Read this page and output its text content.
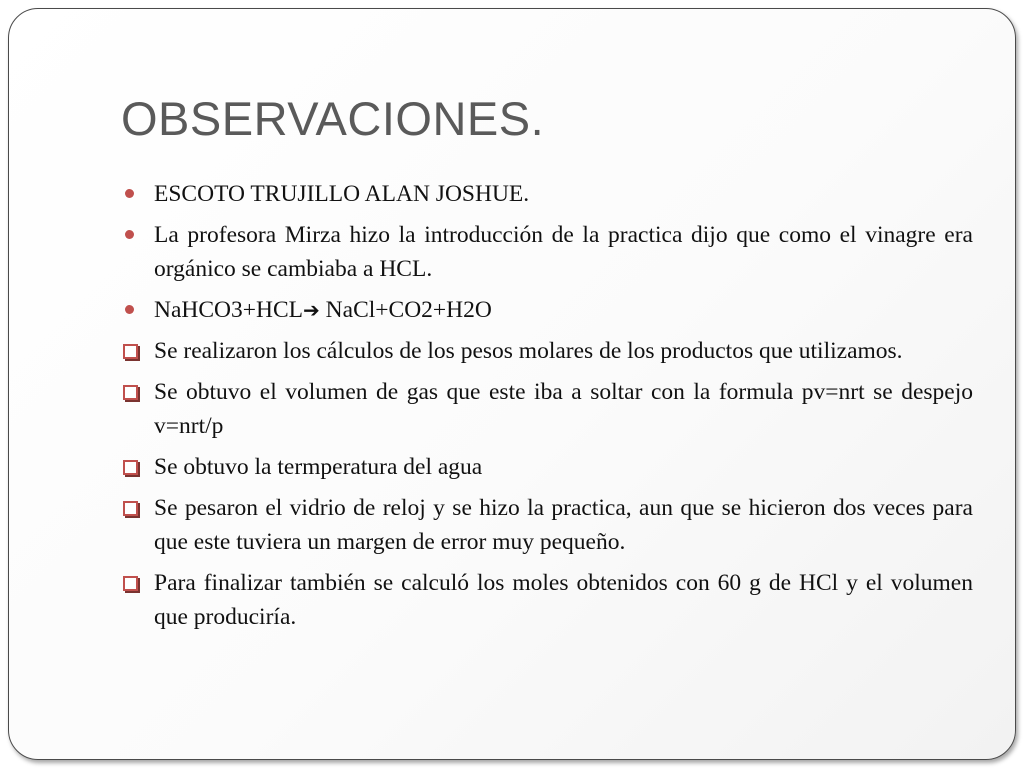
OBSERVACIONES.
ESCOTO TRUJILLO ALAN JOSHUE.
La profesora Mirza hizo la introducción de la practica dijo que como el vinagre era orgánico se cambiaba a HCL.
NaHCO3+HCL➔ NaCl+CO2+H2O
Se realizaron los cálculos de los pesos molares de los productos que utilizamos.
Se obtuvo el volumen de gas que este iba a soltar con la formula pv=nrt se despejo v=nrt/p
Se obtuvo la termperatura del agua
Se pesaron el vidrio de reloj y se hizo la practica, aun que se hicieron dos veces para que este tuviera un margen de error muy pequeño.
Para finalizar también se calculó los moles obtenidos con 60 g de HCl y el volumen que produciría.
